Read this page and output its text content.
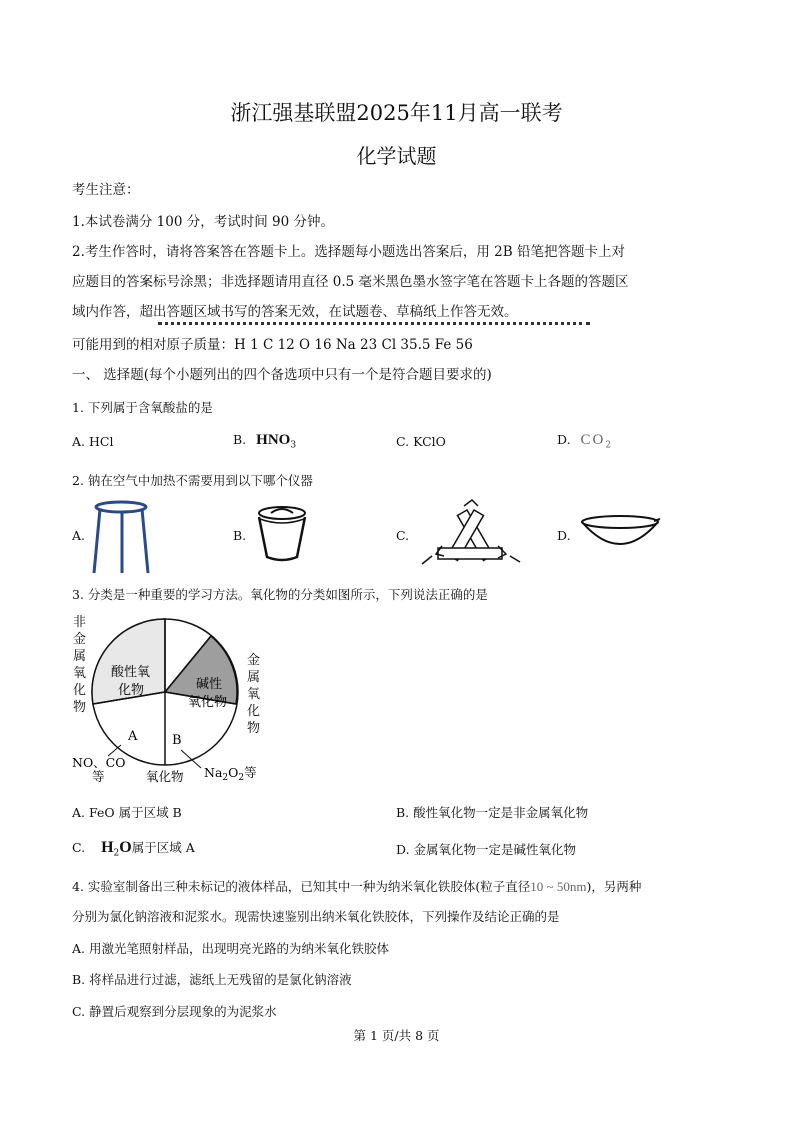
浙江强基联盟2025年11月高一联考
化学试题
考生注意：
1.本试卷满分 100 分，考试时间 90 分钟。
2.考生作答时，请将答案答在答题卡上。选择题每小题选出答案后，用 2B 铅笔把答题卡上对
应题目的答案标号涂黑；非选择题请用直径 0.5 毫米黑色墨水签字笔在答题卡上各题的答题区
域内作答，超出答题区域书写的答案无效，在试题卷、草稿纸上作答无效。
可能用到的相对原子质量：H 1 C 12 O 16 Na 23 Cl 35.5 Fe 56
一、 选择题(每个小题列出的四个备选项中只有一个是符合题目要求的)
1. 下列属于含氧酸盐的是
A. HCl	B. $HNO_3$	C. KClO	D. $CO_2$
2. 钠在空气中加热不需要用到以下哪个仪器
A.	B.	C.	D.
3. 分类是一种重要的学习方法。氧化物的分类如图所示，下列说法正确的是
非
金
属
氧
化
物
金
属
氧
化
物
酸性氧
化物	碱性
氧化物
A	B
NO、CO
等	氧化物 $Na_2O_2$等
A. FeO 属于区域 B	B. 酸性氧化物一定是非金属氧化物
C. $H_2O$属于区域 A	D. 金属氧化物一定是碱性氧化物
4. 实验室制备出三种未标记的液体样品，已知其中一种为纳米氧化铁胶体(粒子直径10 ~ 50nm)，另两种
分别为氯化钠溶液和泥浆水。现需快速鉴别出纳米氧化铁胶体，下列操作及结论正确的是
A. 用激光笔照射样品，出现明亮光路的为纳米氧化铁胶体
B. 将样品进行过滤，滤纸上无残留的是氯化钠溶液
C. 静置后观察到分层现象的为泥浆水
第 1 页/共 8 页
